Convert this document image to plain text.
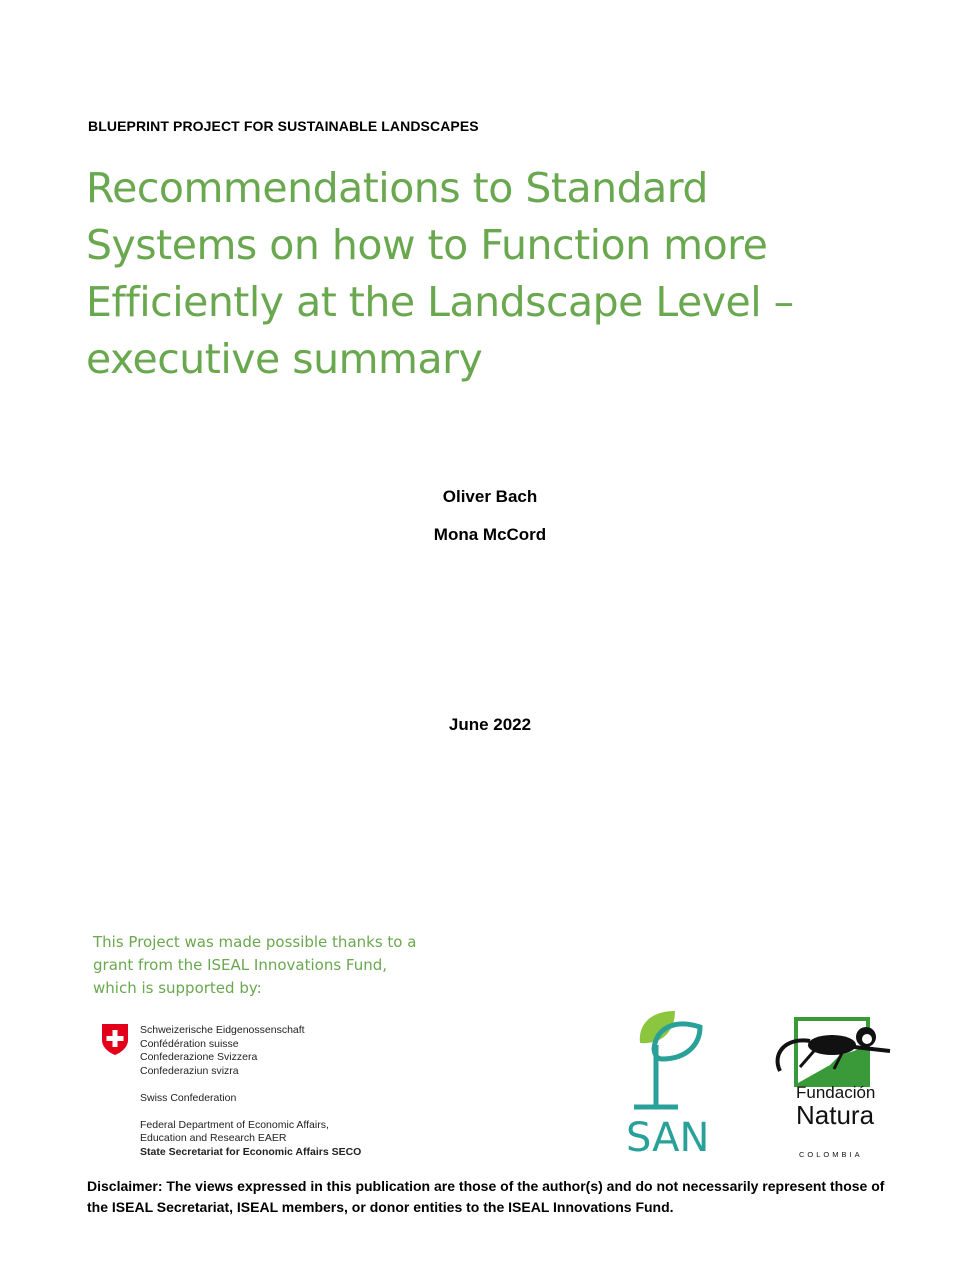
BLUEPRINT PROJECT FOR SUSTAINABLE LANDSCAPES
Recommendations to Standard
Systems on how to Function more
Efficiently at the Landscape Level –
executive summary
Oliver Bach
Mona McCord
June 2022
This Project was made possible thanks to a
grant from the ISEAL Innovations Fund,
which is supported by:
Schweizerische Eidgenossenschaft
Confédération suisse
Confederazione Svizzera
Confederaziun svizra
Swiss Confederation
Federal Department of Economic Affairs,
Education and Research EAER
State Secretariat for Economic Affairs SECO	SAN
Fundación
Natura
COLOMBIA
Disclaimer: The views expressed in this publication are those of the author(s) and do not necessarily represent those of the ISEAL Secretariat, ISEAL members, or donor entities to the ISEAL Innovations Fund.
